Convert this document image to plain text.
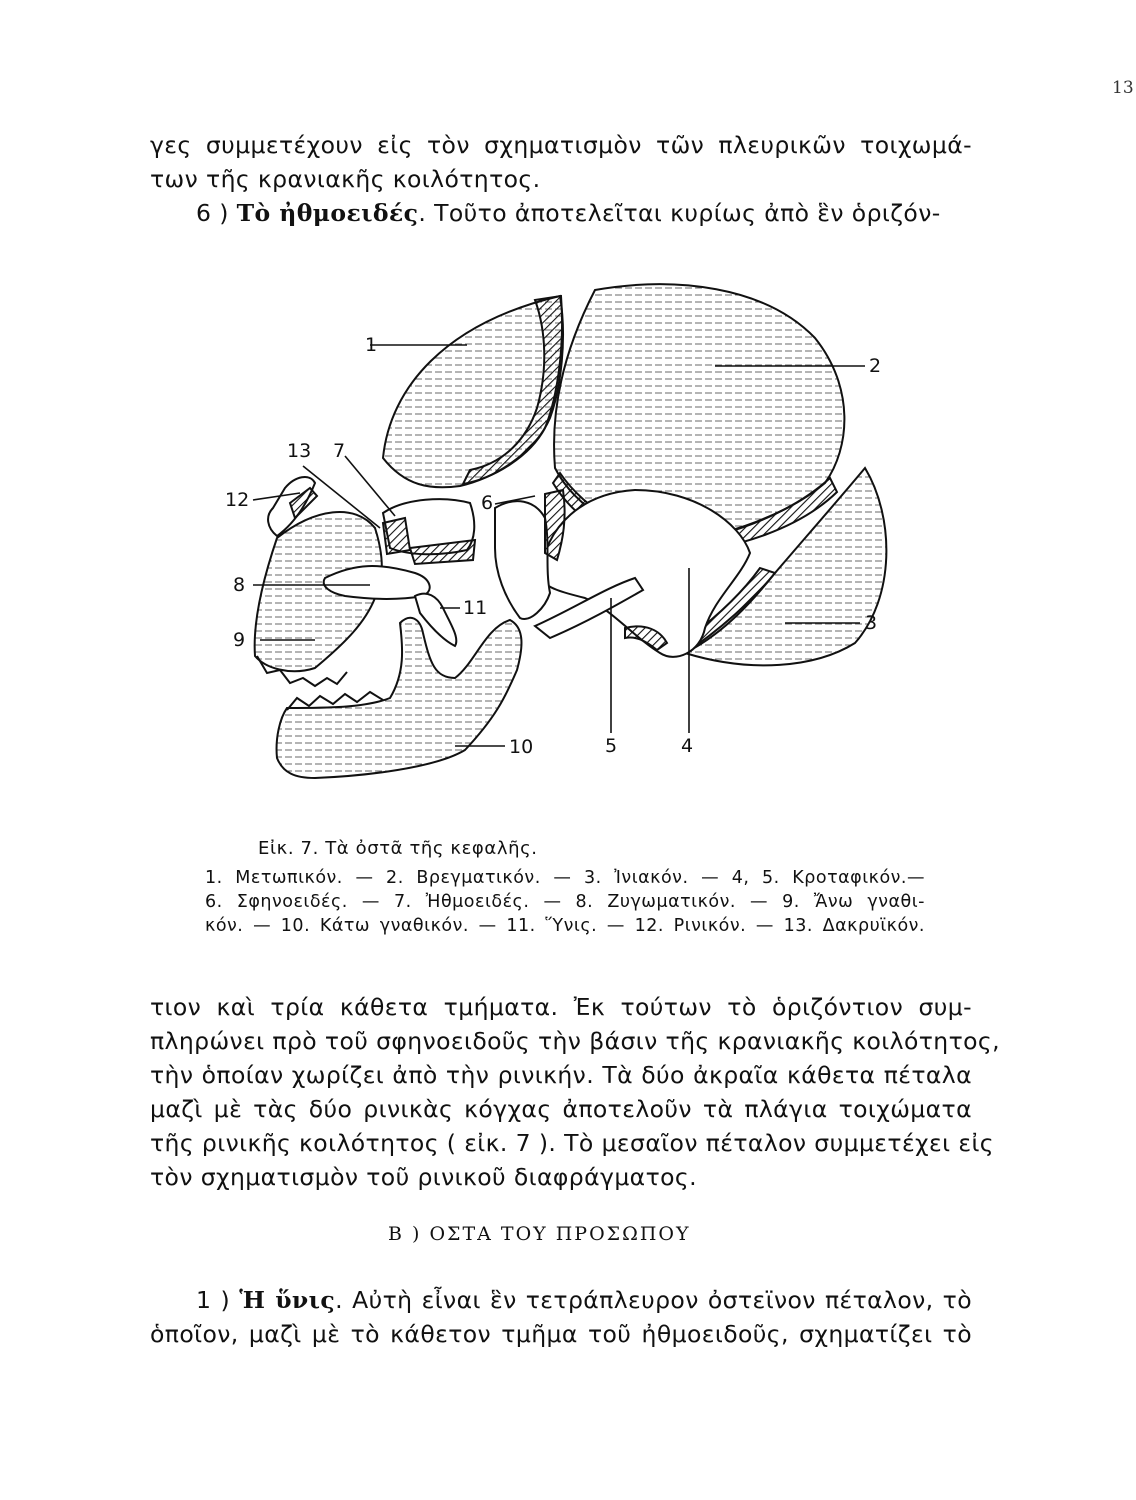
13
γες συμμετέχουν εἰς τὸν σχηματισμὸν τῶν πλευρικῶν τοιχωμά-
των τῆς κρανιακῆς κοιλότητος.
6 ) Τὸ ἠθμοειδές. Τοῦτο ἀποτελεῖται κυρίως ἀπὸ ἓν ὁριζόν-
1
2
3
4
5
6
7
8
9
10
11
12
13
Εἰκ. 7. Τὰ ὀστᾶ τῆς κεφαλῆς.
1. Μετωπικόν. — 2. Βρεγματικόν. — 3. Ἰνιακόν. — 4, 5. Κροταφικόν.—
6. Σφηνοειδές. — 7. Ἠθμοειδές. — 8. Ζυγωματικόν. — 9. Ἄνω γναθι-
κόν. — 10. Κάτω γναθικόν. — 11. Ὕνις. — 12. Ρινικόν. — 13. Δακρυϊκόν.
τιον καὶ τρία κάθετα τμήματα. Ἐκ τούτων τὸ ὁριζόντιον συμ-
πληρώνει πρὸ τοῦ σφηνοειδοῦς τὴν βάσιν τῆς κρανιακῆς κοιλότητος,
τὴν ὁποίαν χωρίζει ἀπὸ τὴν ρινικήν. Τὰ δύο ἀκραῖα κάθετα πέταλα
μαζὶ μὲ τὰς δύο ρινικὰς κόγχας ἀποτελοῦν τὰ πλάγια τοιχώματα
τῆς ρινικῆς κοιλότητος ( εἰκ. 7 ). Τὸ μεσαῖον πέταλον συμμετέχει εἰς
τὸν σχηματισμὸν τοῦ ρινικοῦ διαφράγματος.
Β ) ΟΣΤΑ ΤΟΥ ΠΡΟΣΩΠΟΥ
1 ) Ἡ ὕνις. Αὐτὴ εἶναι ἓν τετράπλευρον ὀστεϊνον πέταλον, τὸ
ὁποῖον, μαζὶ μὲ τὸ κάθετον τμῆμα τοῦ ἠθμοειδοῦς, σχηματίζει τὸ
